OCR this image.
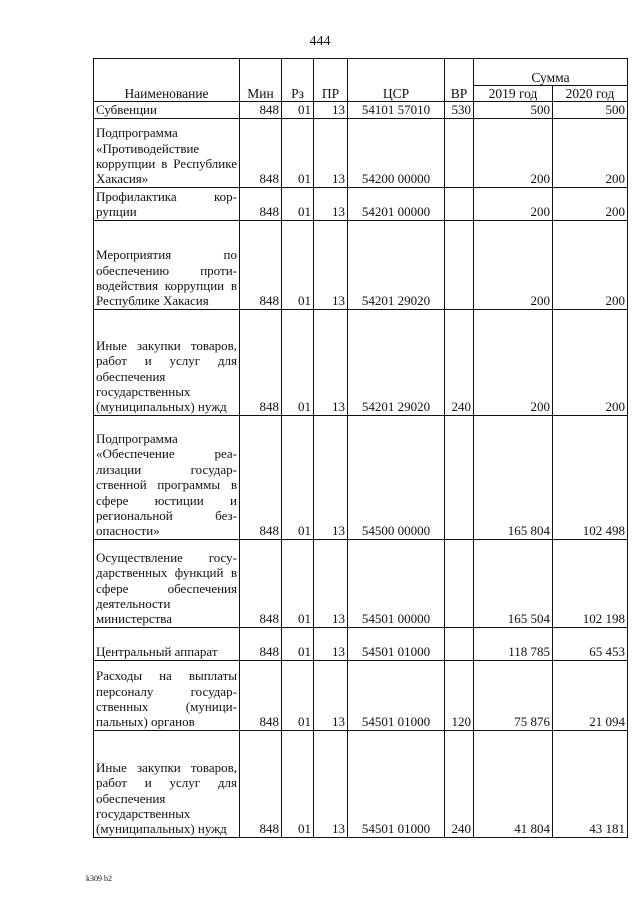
444
Наименование	Мин	Рз	ПР	ЦСР	ВР	Сумма	
						2019 год	2020 год
Субвенции	848	01	13	54101 57010	530	500	500
Подпрограмма «Противодействие коррупции в Республике Хакасия»	848	01	13	54200 00000		200	200
Профилактика коррупции	848	01	13	54201 00000		200	200
Мероприятия по обеспечению противодействия коррупции в Республике Хакасия	848	01	13	54201 29020		200	200
Иные закупки товаров, работ и услуг для обеспечения государственных (муниципальных) нужд	848	01	13	54201 29020	240	200	200
Подпрограмма «Обеспечение реализации государственной программы в сфере юстиции и региональной безопасности»	848	01	13	54500 00000		165 804	102 498
Осуществление государственных функций в сфере обеспечения деятельности министерства	848	01	13	54501 00000		165 504	102 198
Центральный аппарат	848	01	13	54501 01000		118 785	65 453
Расходы на выплаты персоналу государственных (муниципальных) органов	848	01	13	54501 01000	120	75 876	21 094
Иные закупки товаров, работ и услуг для обеспечения государственных (муниципальных) нужд	848	01	13	54501 01000	240	41 804	43 181
k309 b2
